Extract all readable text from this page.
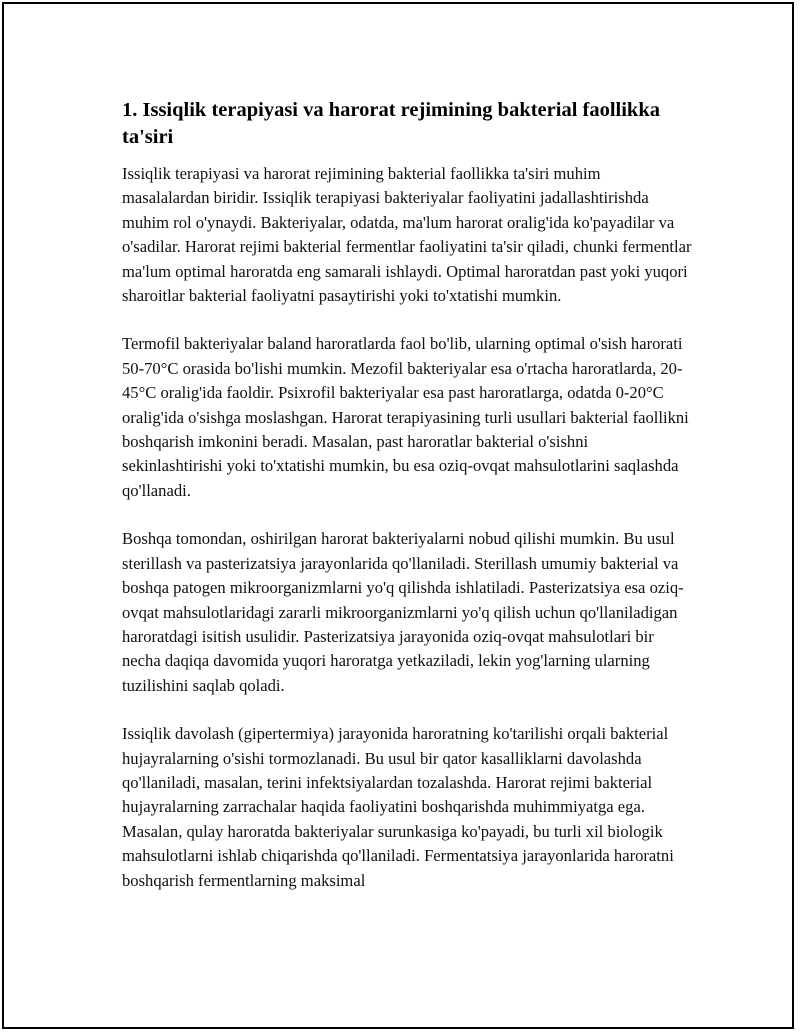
1. Issiqlik terapiyasi va harorat rejimining bakterial faollikka ta'siri

Issiqlik terapiyasi va harorat rejimining bakterial faollikka ta'siri muhim masalalardan biridir. Issiqlik terapiyasi bakteriyalar faoliyatini jadallashtirishda muhim rol o'ynaydi. Bakteriyalar, odatda, ma'lum harorat oralig'ida ko'payadilar va o'sadilar. Harorat rejimi bakterial fermentlar faoliyatini ta'sir qiladi, chunki fermentlar ma'lum optimal haroratda eng samarali ishlaydi. Optimal haroratdan past yoki yuqori sharoitlar bakterial faoliyatni pasaytirishi yoki to'xtatishi mumkin.

Termofil bakteriyalar baland haroratlarda faol bo'lib, ularning optimal o'sish harorati 50-70°C orasida bo'lishi mumkin. Mezofil bakteriyalar esa o'rtacha haroratlarda, 20-45°C oralig'ida faoldir. Psixrofil bakteriyalar esa past haroratlarga, odatda 0-20°C oralig'ida o'sishga moslashgan. Harorat terapiyasining turli usullari bakterial faollikni boshqarish imkonini beradi. Masalan, past haroratlar bakterial o'sishni sekinlashtirishi yoki to'xtatishi mumkin, bu esa oziq-ovqat mahsulotlarini saqlashda qo'llanadi.

Boshqa tomondan, oshirilgan harorat bakteriyalarni nobud qilishi mumkin. Bu usul sterillash va pasterizatsiya jarayonlarida qo'llaniladi. Sterillash umumiy bakterial va boshqa patogen mikroorganizmlarni yo'q qilishda ishlatiladi. Pasterizatsiya esa oziq-ovqat mahsulotlaridagi zararli mikroorganizmlarni yo'q qilish uchun qo'llaniladigan haroratdagi isitish usulidir. Pasterizatsiya jarayonida oziq-ovqat mahsulotlari bir necha daqiqa davomida yuqori haroratga yetkaziladi, lekin yog'larning ularning tuzilishini saqlab qoladi.

Issiqlik davolash (gipertermiya) jarayonida haroratning ko'tarilishi orqali bakterial hujayralarning o'sishi tormozlanadi. Bu usul bir qator kasalliklarni davolashda qo'llaniladi, masalan, terini infektsiyalardan tozalashda. Harorat rejimi bakterial hujayralarning zarrachalar haqida faoliyatini boshqarishda muhimmiyatga ega. Masalan, qulay haroratda bakteriyalar surunkasiga ko'payadi, bu turli xil biologik mahsulotlarni ishlab chiqarishda qo'llaniladi. Fermentatsiya jarayonlarida haroratni boshqarish fermentlarning maksimal
